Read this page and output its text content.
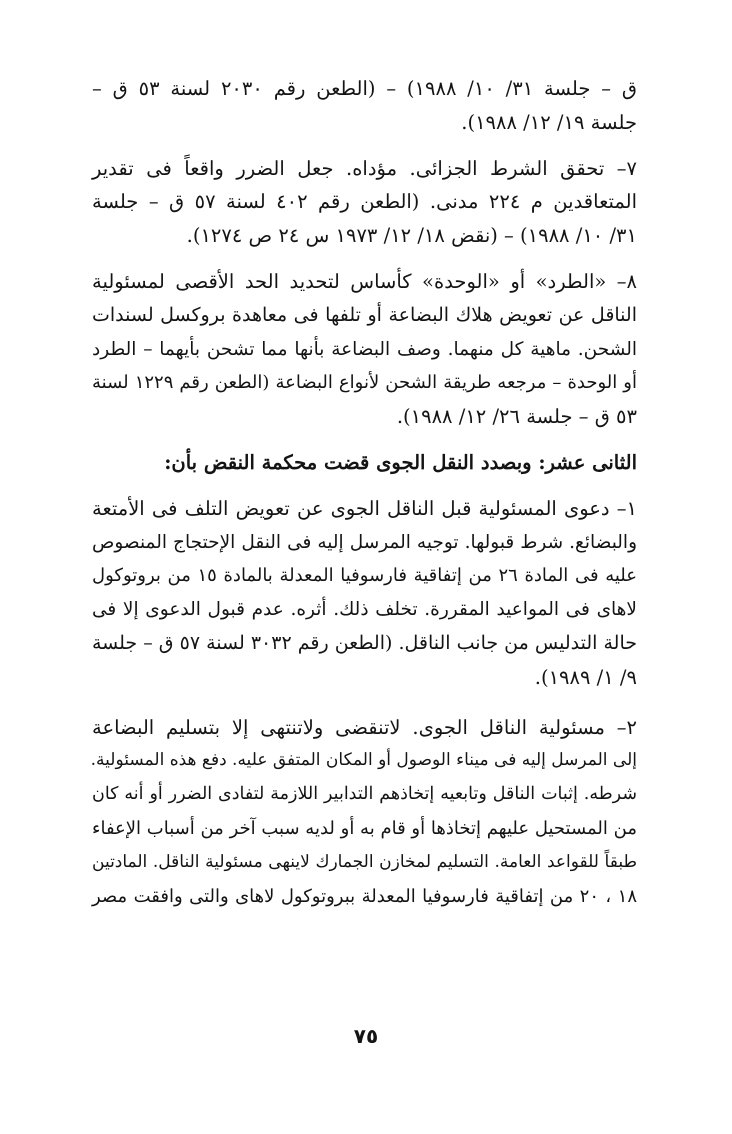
ق – جلسة ٣١/ ١٠/ ١٩٨٨) – (الطعن رقم ٢٠٣٠ لسنة ٥٣ ق –
جلسة ١٩/ ١٢/ ١٩٨٨).
٧– تحقق الشرط الجزائى. مؤداه. جعل الضرر واقعاً فى تقدير
المتعاقدين م ٢٢٤ مدنى. (الطعن رقم ٤٠٢ لسنة ٥٧ ق – جلسة
٣١/ ١٠/ ١٩٨٨) – (نقض ١٨/ ١٢/ ١٩٧٣ س ٢٤ ص ١٢٧٤).
٨– «الطرد» أو «الوحدة» كأساس لتحديد الحد الأقصى لمسئولية
الناقل عن تعويض هلاك البضاعة أو تلفها فى معاهدة بروكسل لسندات
الشحن. ماهية كل منهما. وصف البضاعة بأنها مما تشحن بأيهما – الطرد
أو الوحدة – مرجعه طريقة الشحن لأنواع البضاعة (الطعن رقم ١٢٢٩ لسنة
٥٣ ق – جلسة ٢٦/ ١٢/ ١٩٨٨).
الثانى عشر: وبصدد النقل الجوى قضت محكمة النقض بأن:
١– دعوى المسئولية قبل الناقل الجوى عن تعويض التلف فى الأمتعة
والبضائع. شرط قبولها. توجيه المرسل إليه فى النقل الإحتجاج المنصوص
عليه فى المادة ٢٦ من إتفاقية فارسوفيا المعدلة بالمادة ١٥ من بروتوكول
لاهاى فى المواعيد المقررة. تخلف ذلك. أثره. عدم قبول الدعوى إلا فى
حالة التدليس من جانب الناقل. (الطعن رقم ٣٠٣٢ لسنة ٥٧ ق – جلسة
٩/ ١/ ١٩٨٩).
٢– مسئولية الناقل الجوى. لاتنقضى ولاتنتهى إلا بتسليم البضاعة
إلى المرسل إليه فى ميناء الوصول أو المكان المتفق عليه. دفع هذه المسئولية.
شرطه. إثبات الناقل وتابعيه إتخاذهم التدابير اللازمة لتفادى الضرر أو أنه كان
من المستحيل عليهم إتخاذها أو قام به أو لديه سبب آخر من أسباب الإعفاء
طبقاً للقواعد العامة. التسليم لمخازن الجمارك لاينهى مسئولية الناقل. المادتين
١٨ ، ٢٠ من إتفاقية فارسوفيا المعدلة ببروتوكول لاهاى والتى وافقت مصر
٧٥
